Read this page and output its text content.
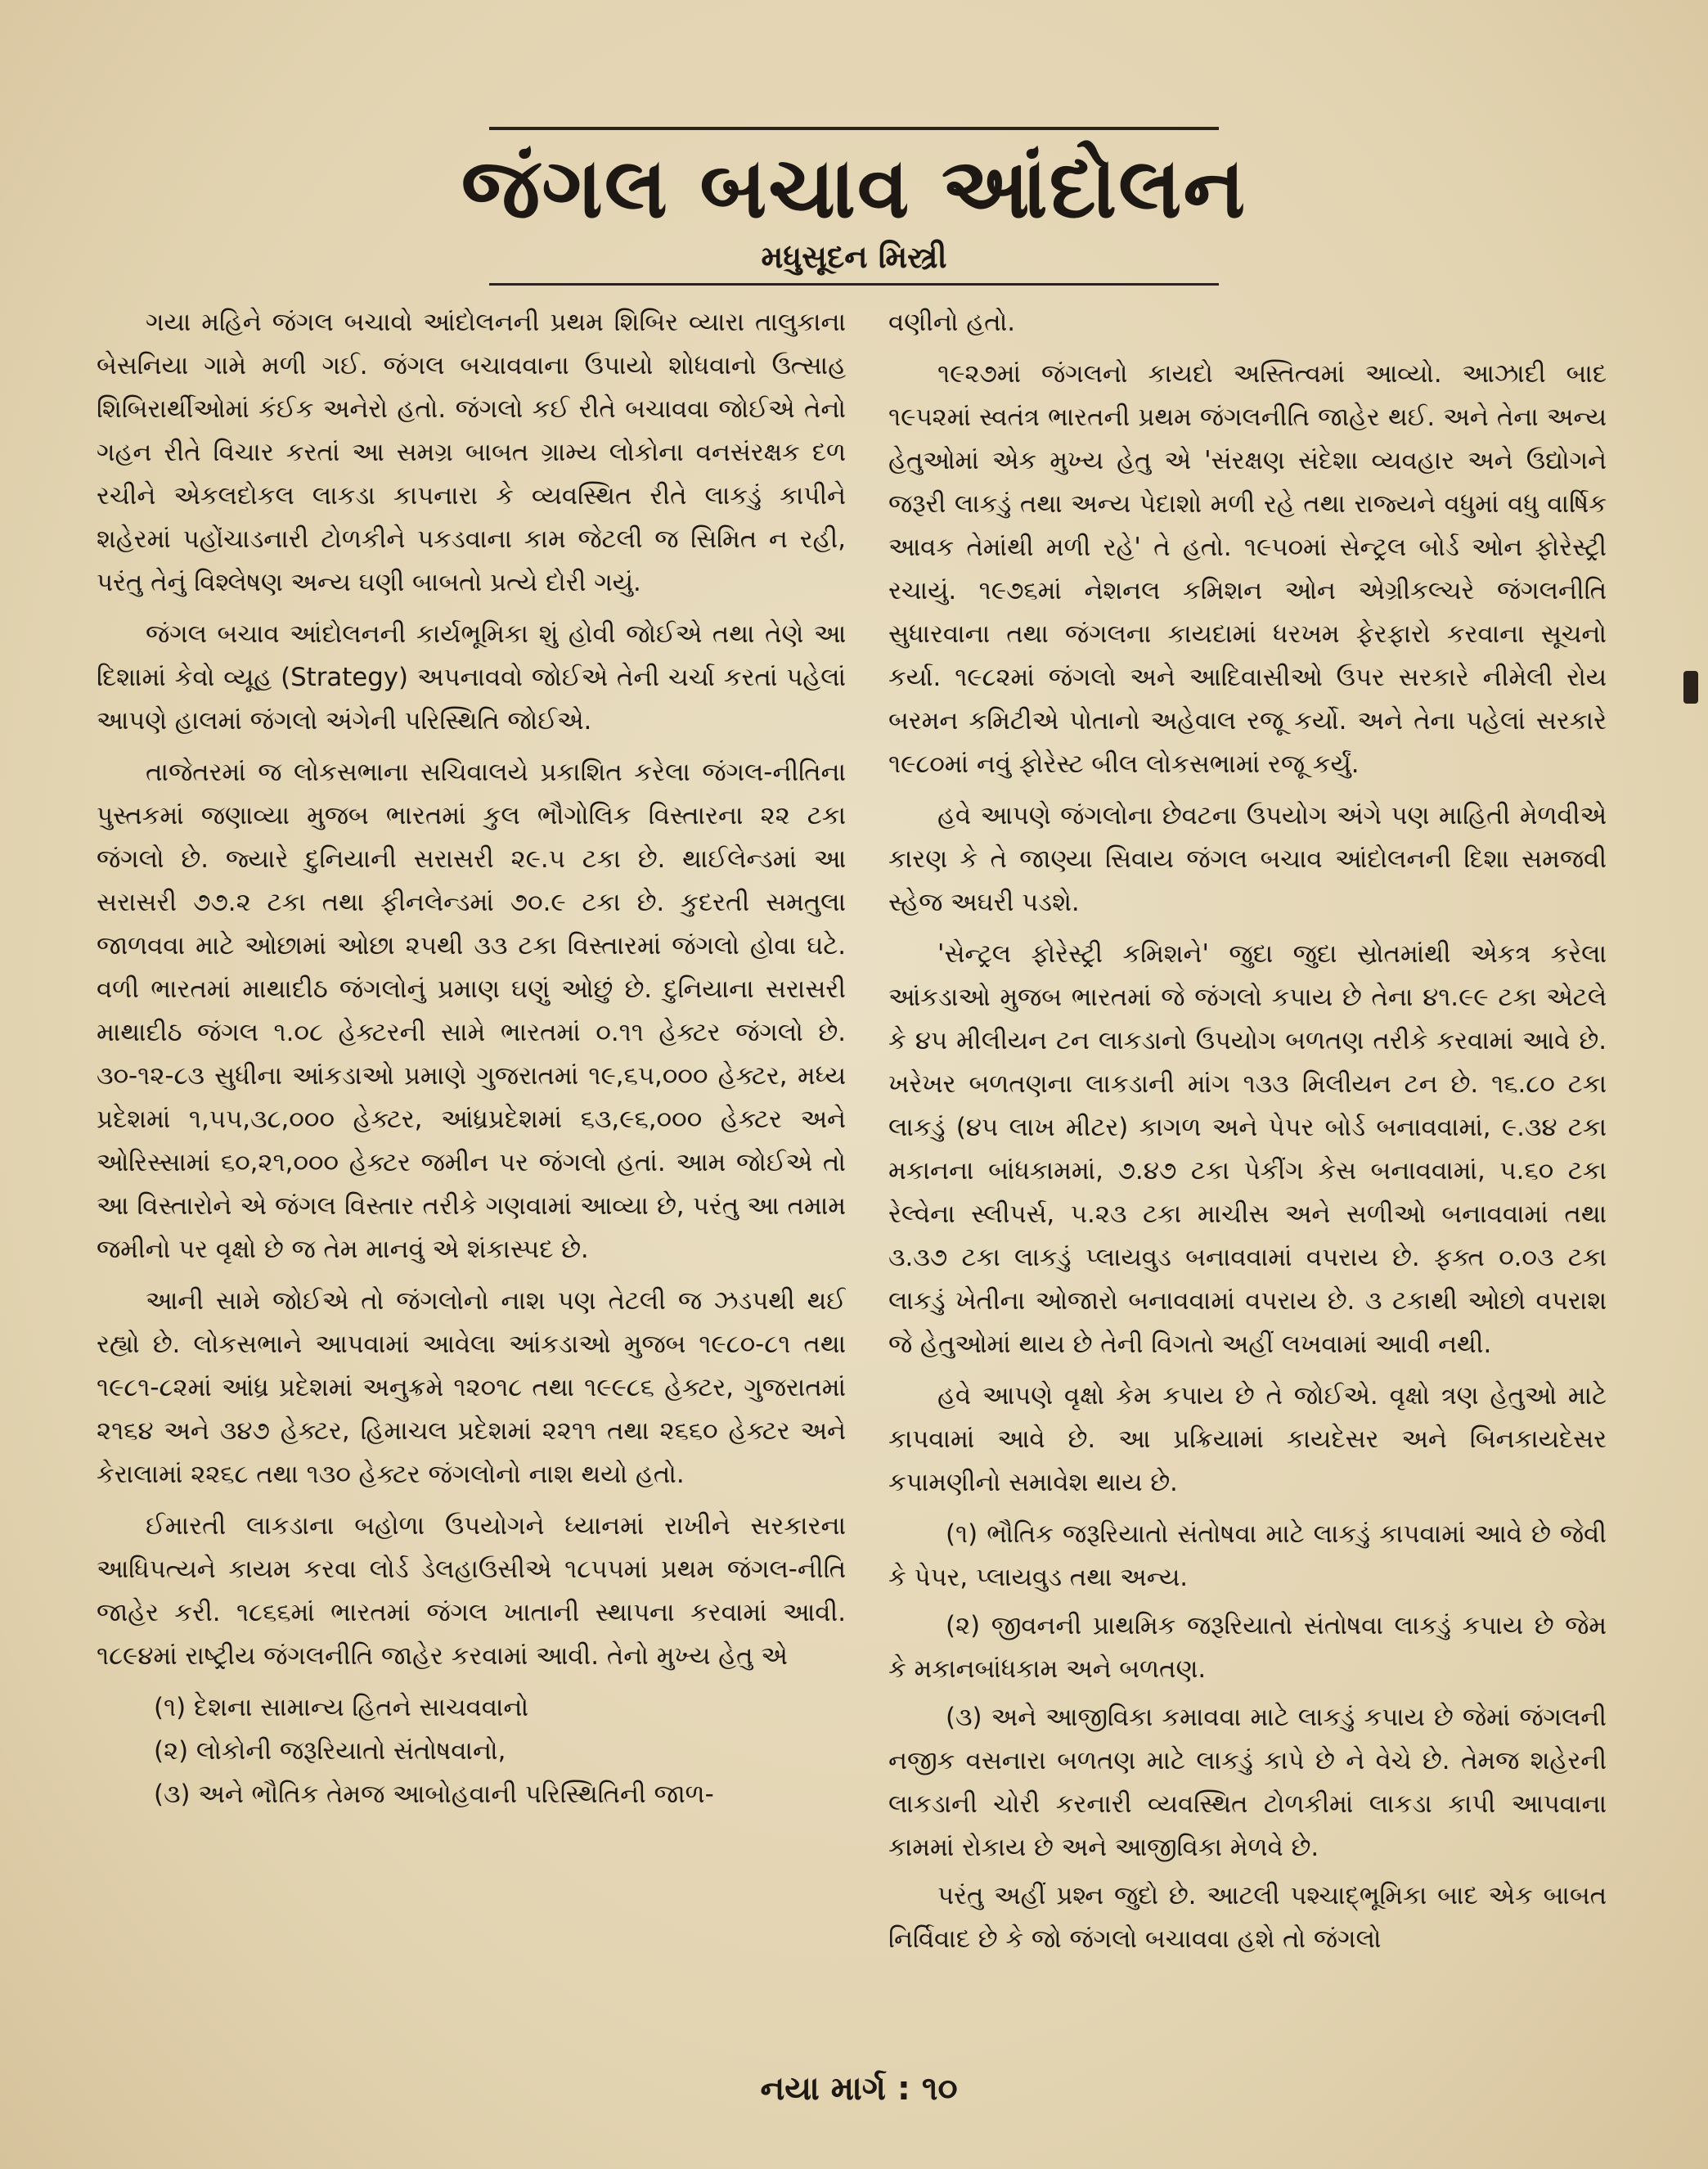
જંગલ બચાવ આંદોલન
મધુસૂદન મિસ્ત્રી

ગયા મહિને જંગલ બચાવો આંદોલનની પ્રથમ શિબિર વ્યારા તાલુકાના બેસનિયા ગામે મળી ગઈ. જંગલ બચાવવાના ઉપાયો શોધવાનો ઉત્સાહ શિબિરાર્થીઓમાં કંઈક અનેરો હતો. જંગલો કઈ રીતે બચાવવા જોઈએ તેનો ગહન રીતે વિચાર કરતાં આ સમગ્ર બાબત ગ્રામ્ય લોકોના વનસંરક્ષક દળ રચીને એકલદોકલ લાકડા કાપનારા કે વ્યવસ્થિત રીતે લાકડું કાપીને શહેરમાં પહોંચાડનારી ટોળકીને પકડવાના કામ જેટલી જ સિમિત ન રહી, પરંતુ તેનું વિશ્લેષણ અન્ય ઘણી બાબતો પ્રત્યે દોરી ગયું.

જંગલ બચાવ આંદોલનની કાર્યભૂમિકા શું હોવી જોઈએ તથા તેણે આ દિશામાં કેવો વ્યૂહ (Strategy) અપનાવવો જોઈએ તેની ચર્ચા કરતાં પહેલાં આપણે હાલમાં જંગલો અંગેની પરિસ્થિતિ જોઈએ.

તાજેતરમાં જ લોકસભાના સચિવાલયે પ્રકાશિત કરેલા જંગલ-નીતિના પુસ્તકમાં જણાવ્યા મુજબ ભારતમાં કુલ ભૌગોલિક વિસ્તારના ૨૨ ટકા જંગલો છે. જ્યારે દુનિયાની સરાસરી ૨૯.૫ ટકા છે. થાઈલેન્ડમાં આ સરાસરી ૭૭.૨ ટકા તથા ફીનલેન્ડમાં ૭૦.૯ ટકા છે. કુદરતી સમતુલા જાળવવા માટે ઓછામાં ઓછા ૨૫થી ૩૩ ટકા વિસ્તારમાં જંગલો હોવા ઘટે. વળી ભારતમાં માથાદીઠ જંગલોનું પ્રમાણ ઘણું ઓછું છે. દુનિયાના સરાસરી માથાદીઠ જંગલ ૧.૦૮ હેક્ટરની સામે ભારતમાં ૦.૧૧ હેક્ટર જંગલો છે. ૩૦-૧૨-૮૩ સુધીના આંકડાઓ પ્રમાણે ગુજરાતમાં ૧૯,૬૫,૦૦૦ હેક્ટર, મધ્ય પ્રદેશમાં ૧,૫૫,૩૮,૦૦૦ હેક્ટર, આંધ્રપ્રદેશમાં ૬૩,૯૬,૦૦૦ હેક્ટર અને ઓરિસ્સામાં ૬૦,૨૧,૦૦૦ હેક્ટર જમીન પર જંગલો હતાં. આમ જોઈએ તો આ વિસ્તારોને એ જંગલ વિસ્તાર તરીકે ગણવામાં આવ્યા છે, પરંતુ આ તમામ જમીનો પર વૃક્ષો છે જ તેમ માનવું એ શંકાસ્પદ છે.

આની સામે જોઈએ તો જંગલોનો નાશ પણ તેટલી જ ઝડપથી થઈ રહ્યો છે. લોકસભાને આપવામાં આવેલા આંકડાઓ મુજબ ૧૯૮૦-૮૧ તથા ૧૯૮૧-૮૨માં આંધ્ર પ્રદેશમાં અનુક્રમે ૧૨૦૧૮ તથા ૧૯૯૮૬ હેક્ટર, ગુજરાતમાં ૨૧૬૪ અને ૩૪૭ હેક્ટર, હિમાચલ પ્રદેશમાં ૨૨૧૧ તથા ૨૬૬૦ હેક્ટર અને કેરાલામાં ૨૨૬૮ તથા ૧૩૦ હેક્ટર જંગલોનો નાશ થયો હતો.

ઈમારતી લાકડાના બહોળા ઉપયોગને ધ્યાનમાં રાખીને સરકારના આધિપત્યને કાયમ કરવા લોર્ડ ડેલહાઉસીએ ૧૮૫૫માં પ્રથમ જંગલ-નીતિ જાહેર કરી. ૧૮૬૬માં ભારતમાં જંગલ ખાતાની સ્થાપના કરવામાં આવી. ૧૮૯૪માં રાષ્ટ્રીય જંગલનીતિ જાહેર કરવામાં આવી. તેનો મુખ્ય હેતુ એ

(૧) દેશના સામાન્ય હિતને સાચવવાનો

(૨) લોકોની જરૂરિયાતો સંતોષવાનો,

(૩) અને ભૌતિક તેમજ આબોહવાની પરિસ્થિતિની જાળ-

વણીનો હતો.

૧૯૨૭માં જંગલનો કાયદો અસ્તિત્વમાં આવ્યો. આઝાદી બાદ ૧૯૫૨માં સ્વતંત્ર ભારતની પ્રથમ જંગલનીતિ જાહેર થઈ. અને તેના અન્ય હેતુઓમાં એક મુખ્ય હેતુ એ 'સંરક્ષણ સંદેશા વ્યવહાર અને ઉદ્યોગને જરૂરી લાકડું તથા અન્ય પેદાશો મળી રહે તથા રાજ્યને વધુમાં વધુ વાર્ષિક આવક તેમાંથી મળી રહે' તે હતો. ૧૯૫૦માં સેન્ટ્રલ બોર્ડ ઓન ફોરેસ્ટ્રી રચાયું. ૧૯૭૬માં નેશનલ કમિશન ઓન એગ્રીકલ્ચરે જંગલનીતિ સુધારવાના તથા જંગલના કાયદામાં ધરખમ ફેરફારો કરવાના સૂચનો કર્યા. ૧૯૮૨માં જંગલો અને આદિવાસીઓ ઉપર સરકારે નીમેલી રોય બરમન કમિટીએ પોતાનો અહેવાલ રજૂ કર્યો. અને તેના પહેલાં સરકારે ૧૯૮૦માં નવું ફોરેસ્ટ બીલ લોકસભામાં રજૂ કર્યું.

હવે આપણે જંગલોના છેવટના ઉપયોગ અંગે પણ માહિતી મેળવીએ કારણ કે તે જાણ્યા સિવાય જંગલ બચાવ આંદોલનની દિશા સમજવી સ્હેજ અઘરી પડશે.

'સેન્ટ્રલ ફોરેસ્ટ્રી કમિશને' જુદા જુદા સ્રોતમાંથી એકત્ર કરેલા આંકડાઓ મુજબ ભારતમાં જે જંગલો કપાય છે તેના ૪૧.૯૯ ટકા એટલે કે ૪૫ મીલીયન ટન લાકડાનો ઉપયોગ બળતણ તરીકે કરવામાં આવે છે. ખરેખર બળતણના લાકડાની માંગ ૧૩૩ મિલીયન ટન છે. ૧૬.૮૦ ટકા લાકડું (૪૫ લાખ મીટર) કાગળ અને પેપર બોર્ડ બનાવવામાં, ૯.૩૪ ટકા મકાનના બાંધકામમાં, ૭.૪૭ ટકા પેકીંગ કેસ બનાવવામાં, ૫.૬૦ ટકા રેલ્વેના સ્લીપર્સ, ૫.૨૩ ટકા માચીસ અને સળીઓ બનાવવામાં તથા ૩.૩૭ ટકા લાકડું પ્લાયવુડ બનાવવામાં વપરાય છે. ફક્ત ૦.૦૩ ટકા લાકડું ખેતીના ઓજારો બનાવવામાં વપરાય છે. ૩ ટકાથી ઓછો વપરાશ જે હેતુઓમાં થાય છે તેની વિગતો અહીં લખવામાં આવી નથી.

હવે આપણે વૃક્ષો કેમ કપાય છે તે જોઈએ. વૃક્ષો ત્રણ હેતુઓ માટે કાપવામાં આવે છે. આ પ્રક્રિયામાં કાયદેસર અને બિનકાયદેસર કપામણીનો સમાવેશ થાય છે.

(૧) ભૌતિક જરૂરિયાતો સંતોષવા માટે લાકડું કાપવામાં આવે છે જેવી કે પેપર, પ્લાયવુડ તથા અન્ય.

(૨) જીવનની પ્રાથમિક જરૂરિયાતો સંતોષવા લાકડું કપાય છે જેમ કે મકાનબાંધકામ અને બળતણ.

(૩) અને આજીવિકા કમાવવા માટે લાકડું કપાય છે જેમાં જંગલની નજીક વસનારા બળતણ માટે લાકડું કાપે છે ને વેચે છે. તેમજ શહેરની લાકડાની ચોરી કરનારી વ્યવસ્થિત ટોળકીમાં લાકડા કાપી આપવાના કામમાં રોકાય છે અને આજીવિકા મેળવે છે.

પરંતુ અહીં પ્રશ્ન જુદો છે. આટલી પશ્ચાદ્ભૂમિકા બાદ એક બાબત નિર્વિવાદ છે કે જો જંગલો બચાવવા હશે તો જંગલો

નયા માર્ગ : ૧૦
